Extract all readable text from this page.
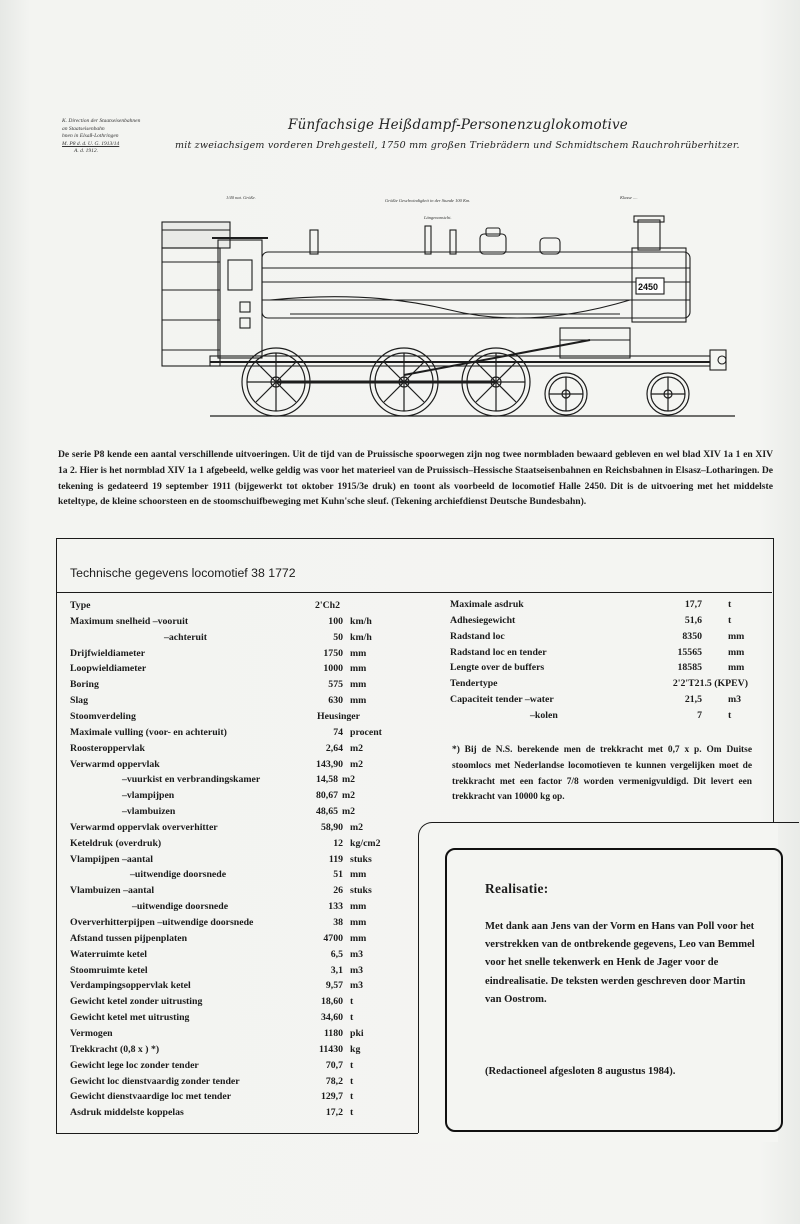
K. Direction der Staatseisenbahnen
an Staatseisenbahn
hnen in Elsaß-Lothringen
M. P8 d. d. U. G. 1913/14
A. d. 1912.
Fünfachsige Heißdampf-Personenzuglokomotive
mit zweiachsigem vorderen Drehgestell, 1750 mm großen Triebrädern und Schmidtschem Rauchrohrüberhitzer.
1/40 nat. Größe.
Größte Geschwindigkeit in der Stunde 100 Km.
Längenansicht.
Klasse ....
2450
De serie P8 kende een aantal verschillende uitvoeringen. Uit de tijd van de Pruissische spoorwegen zijn nog twee normbladen bewaard gebleven en wel blad XIV 1a 1 en XIV 1a 2. Hier is het normblad XIV 1a 1 afgebeeld, welke geldig was voor het materieel van de Pruissisch–Hessische Staatseisenbahnen en Reichsbahnen in Elsasz–Lotharingen. De tekening is gedateerd 19 september 1911 (bijgewerkt tot oktober 1915/3e druk) en toont als voorbeeld de locomotief Halle 2450. Dit is de uitvoering met het middelste keteltype, de kleine schoorsteen en de stoomschuifbeweging met Kuhn'sche sleuf. (Tekening archiefdienst Deutsche Bundesbahn).
Technische gegevens locomotief 38 1772
Type	2'Ch2
Maximum snelheid –vooruit	100 km/h
–achteruit	50 km/h
Drijfwieldiameter	1750 mm
Loopwieldiameter	1000 mm
Boring	575 mm
Slag	630 mm
Stoomverdeling	Heusinger
Maximale vulling (voor- en achteruit)	74 procent
Roosteroppervlak	2,64 m2
Verwarmd oppervlak	143,90 m2
–vuurkist en verbrandingskamer	14,58 m2
–vlampijpen	80,67 m2
–vlambuizen	48,65 m2
Verwarmd oppervlak oververhitter	58,90 m2
Keteldruk (overdruk)	12 kg/cm2
Vlampijpen –aantal	119 stuks
–uitwendige doorsnede	51 mm
Vlambuizen –aantal	26 stuks
–uitwendige doorsnede	133 mm
Oververhitterpijpen –uitwendige doorsnede	38 mm
Afstand tussen pijpenplaten	4700 mm
Waterruimte ketel	6,5 m3
Stoomruimte ketel	3,1 m3
Verdampingsoppervlak ketel	9,57 m3
Gewicht ketel zonder uitrusting	18,60 t
Gewicht ketel met uitrusting	34,60 t
Vermogen	1180 pki
Trekkracht (0,8 x ) *)	11430 kg
Gewicht lege loc zonder tender	70,7 t
Gewicht loc dienstvaardig zonder tender	78,2 t
Gewicht dienstvaardige loc met tender	129,7 t
Asdruk middelste koppelas	17,2 t
Maximale asdruk	17,7	t
Adhesiegewicht	51,6	t
Radstand loc	8350	mm
Radstand loc en tender	15565	mm
Lengte over de buffers	18585	mm
Tendertype	2'2'T21.5 (KPEV)
Capaciteit tender –water	21,5	m3
–kolen	7	t
*) Bij de N.S. berekende men de trekkracht met 0,7 x p. Om Duitse stoomlocs met Nederlandse locomotieven te kunnen vergelijken moet de trekkracht met een factor 7/8 worden vermenigvuldigd. Dit levert een trekkracht van 10000 kg op.
Realisatie:
Met dank aan Jens van der Vorm en Hans van Poll voor het verstrekken van de ontbrekende gegevens, Leo van Bemmel voor het snelle tekenwerk en Henk de Jager voor de eindrealisatie. De teksten werden geschreven door Martin van Oostrom.
(Redactioneel afgesloten 8 augustus 1984).
